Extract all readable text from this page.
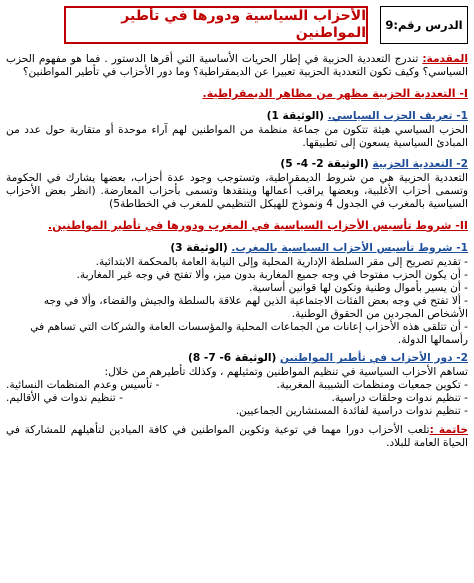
الدرس رقم:9
الأحزاب السياسية ودورها في تأطير المواطنين

المقدمة: تندرج التعددية الحزبية في إطار الحريات الأساسية التي أقرها الدستور . فما هو مفهوم الحزب السياسي؟ وكيف تكون التعددية الحزبية تعبيرا عن الديمقراطية؟ وما دور الأحزاب في تأطير المواطنين؟

I- التعددية الحزبية مظهر من مظاهر الديمقراطية.
1- تعريف الحزب السياسي. (الوثيقة 1)

الحزب السياسي هيئة تتكون من جماعة منظمة من المواطنين لهم آراء موحدة أو متقاربة حول عدد من المبادئ السياسية يسعون إلى تطبيقها.

2- التعددية الحزبية (الوثيقة 2- 4- 5)

التعددية الحزبية هي من شروط الديمقراطية، وتستوجب وجود عدة أحزاب، بعضها يشارك في الحكومة وتسمى أحزاب الأغلبية، وبعضها يراقب أعمالها وينتقدها وتسمى بأحزاب المعارضة. (انظر بعض الأحزاب السياسية بالمغرب في الجدول 4 ونموذج للهيكل التنظيمي للمغرب في الخطاطة5)

II- شروط تأسيس الأحزاب السياسية في المغرب ودورها في تأطير المواطنين.
1- شروط تأسيس الأحزاب السياسية بالمغرب. (الوثيقة 3)

- تقديم تصريح إلى مقر السلطة الإدارية المحلية وإلى النيابة العامة بالمحكمة الابتدائية.

- أن يكون الحزب مفتوحا في وجه جميع المغاربة بدون ميز، وألا تفتح في وجه غير المغاربة.

- أن يسير بأموال وطنية وتكون لها قوانين أساسية.

- ألا تفتح في وجه بعض الفئات الاجتماعية الذين لهم علاقة بالسلطة والجيش والقضاء، وألا في وجه الأشخاص المجردين من الحقوق الوطنية.

- أن تتلقى هذه الأحزاب إعانات من الجماعات المحلية والمؤسسات العامة والشركات التي تساهم في رأسمالها الدولة.

2- دور الأحزاب في تأطير المواطنين (الوثيقة 6- 7- 8)

تساهم الأحزاب السياسية في تنظيم المواطنين وتمثيلهم ، وكذلك تأطيرهم من خلال:

- تكوين جمعيات ومنظمات الشبيبة المغربية.
- تأسيس وعدم المنظمات النسائية.
- تنظيم ندوات وحلقات دراسية.
- تنظيم ندوات في الأقاليم.
- تنظيم ندوات دراسية لفائدة المستشارين الجماعيين.

خاتمة :تلعب الأحزاب دورا مهما في توعية وتكوين المواطنين في كافة الميادين لتأهيلهم للمشاركة في الحياة العامة للبلاد.
